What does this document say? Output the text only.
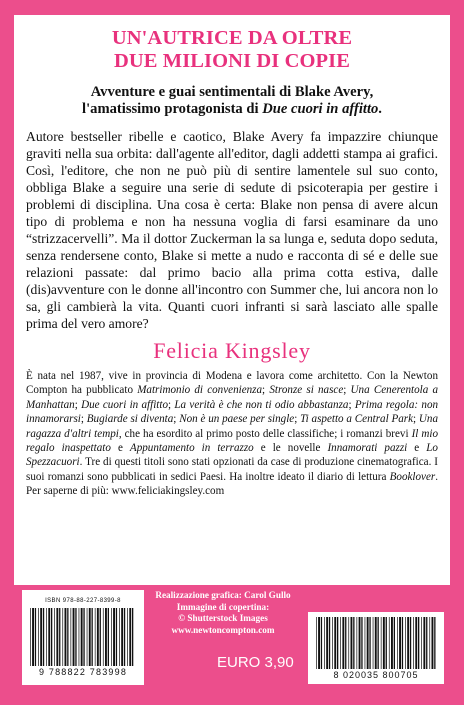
UN'AUTRICE DA OLTRE
DUE MILIONI DI COPIE

Avventure e guai sentimentali di Blake Avery,
l'amatissimo protagonista di Due cuori in affitto.

Autore bestseller ribelle e caotico, Blake Avery fa impazzire chiunque graviti nella sua orbita: dall'agente all'editor, dagli addetti stampa ai grafici. Così, l'editore, che non ne può più di sentire lamentele sul suo conto, obbliga Blake a seguire una serie di sedute di psicoterapia per gestire i problemi di disciplina. Una cosa è certa: Blake non pensa di avere alcun tipo di problema e non ha nessuna voglia di farsi esaminare da uno “strizzacervelli”. Ma il dottor Zuckerman la sa lunga e, seduta dopo seduta, senza rendersene conto, Blake si mette a nudo e racconta di sé e delle sue relazioni passate: dal primo bacio alla prima cotta estiva, dalle (dis)avventure con le donne all'incontro con Summer che, lui ancora non lo sa, gli cambierà la vita. Quanti cuori infranti si sarà lasciato alle spalle prima del vero amore?

Felicia Kingsley

È nata nel 1987, vive in provincia di Modena e lavora come architetto. Con la Newton Compton ha pubblicato Matrimonio di convenienza; Stronze si nasce; Una Cenerentola a Manhattan; Due cuori in affitto; La verità è che non ti odio abbastanza; Prima regola: non innamorarsi; Bugiarde si diventa; Non è un paese per single; Ti aspetto a Central Park; Una ragazza d'altri tempi, che ha esordito al primo posto delle classifiche; i romanzi brevi Il mio regalo inaspettato e Appuntamento in terrazzo e le novelle Innamorati pazzi e Lo Spezzacuori. Tre di questi titoli sono stati opzionati da case di produzione cinematografica. I suoi romanzi sono pubblicati in sedici Paesi. Ha inoltre ideato il diario di lettura Booklover. Per saperne di più: www.feliciakingsley.com

ISBN 978-88-227-8399-8
9 788822 783998
Realizzazione grafica: Carol Gullo
Immagine di copertina:
© Shutterstock Images
www.newtoncompton.com
EURO 3,90
8 020035 800705
